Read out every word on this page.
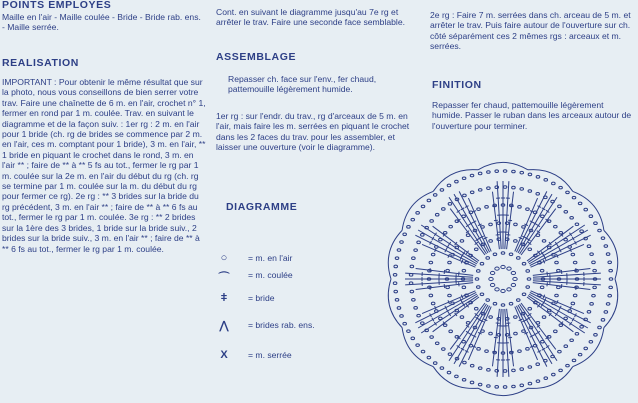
POINTS EMPLOYES

Maille en l'air - Maille coulée - Bride - Bride rab. ens. - Maille serrée.

REALISATION

IMPORTANT : Pour obtenir le même résultat que sur la photo, nous vous conseillons de bien serrer votre trav. Faire une chaînette de 6 m. en l'air, crochet n° 1, fermer en rond par 1 m. coulée. Trav. en suivant le diagramme et de la façon suiv. : 1er rg : 2 m. en l'air pour 1 bride (ch. rg de brides se commence par 2 m. en l'air, ces m. comptant pour 1 bride), 3 m. en l'air, ** 1 bride en piquant le crochet dans le rond, 3 m. en l'air ** ; faire de ** à ** 5 fs au tot., fermer le rg par 1 m. coulée sur la 2e m. en l'air du début du rg (ch. rg se termine par 1 m. coulée sur la m. du début du rg pour fermer ce rg). 2e rg : ** 3 brides sur la bride du rg précédent, 3 m. en l'air ** ; faire de ** à ** 6 fs au tot., fermer le rg par 1 m. coulée. 3e rg : ** 2 brides sur la 1ère des 3 brides, 1 bride sur la bride suiv., 2 brides sur la bride suiv., 3 m. en l'air ** ; faire de ** à ** 6 fs au tot., fermer le rg par 1 m. coulée.

Cont. en suivant le diagramme jusqu'au 7e rg et arrêter le trav. Faire une seconde face semblable.

ASSEMBLAGE

Repasser ch. face sur l'env., fer chaud, pattemouille légèrement humide.

1er rg : sur l'endr. du trav., rg d'arceaux de 5 m. en l'air, mais faire les m. serrées en piquant le crochet dans les 2 faces du trav. pour les assembler, et laisser une ouverture (voir le diagramme).

DIAGRAMME
○	= m. en l'air
⌒	= m. coulée
ǂ	= bride
⋀	= brides rab. ens.
X	= m. serrée

2e rg : Faire 7 m. serrées dans ch. arceau de 5 m. et arrêter le trav. Puis faire autour de l'ouverture sur ch. côté séparément ces 2 mêmes rgs : arceaux et m. serrées.

FINITION

Repasser fer chaud, pattemouille légèrement humide. Passer le ruban dans les arceaux autour de l'ouverture pour terminer.
